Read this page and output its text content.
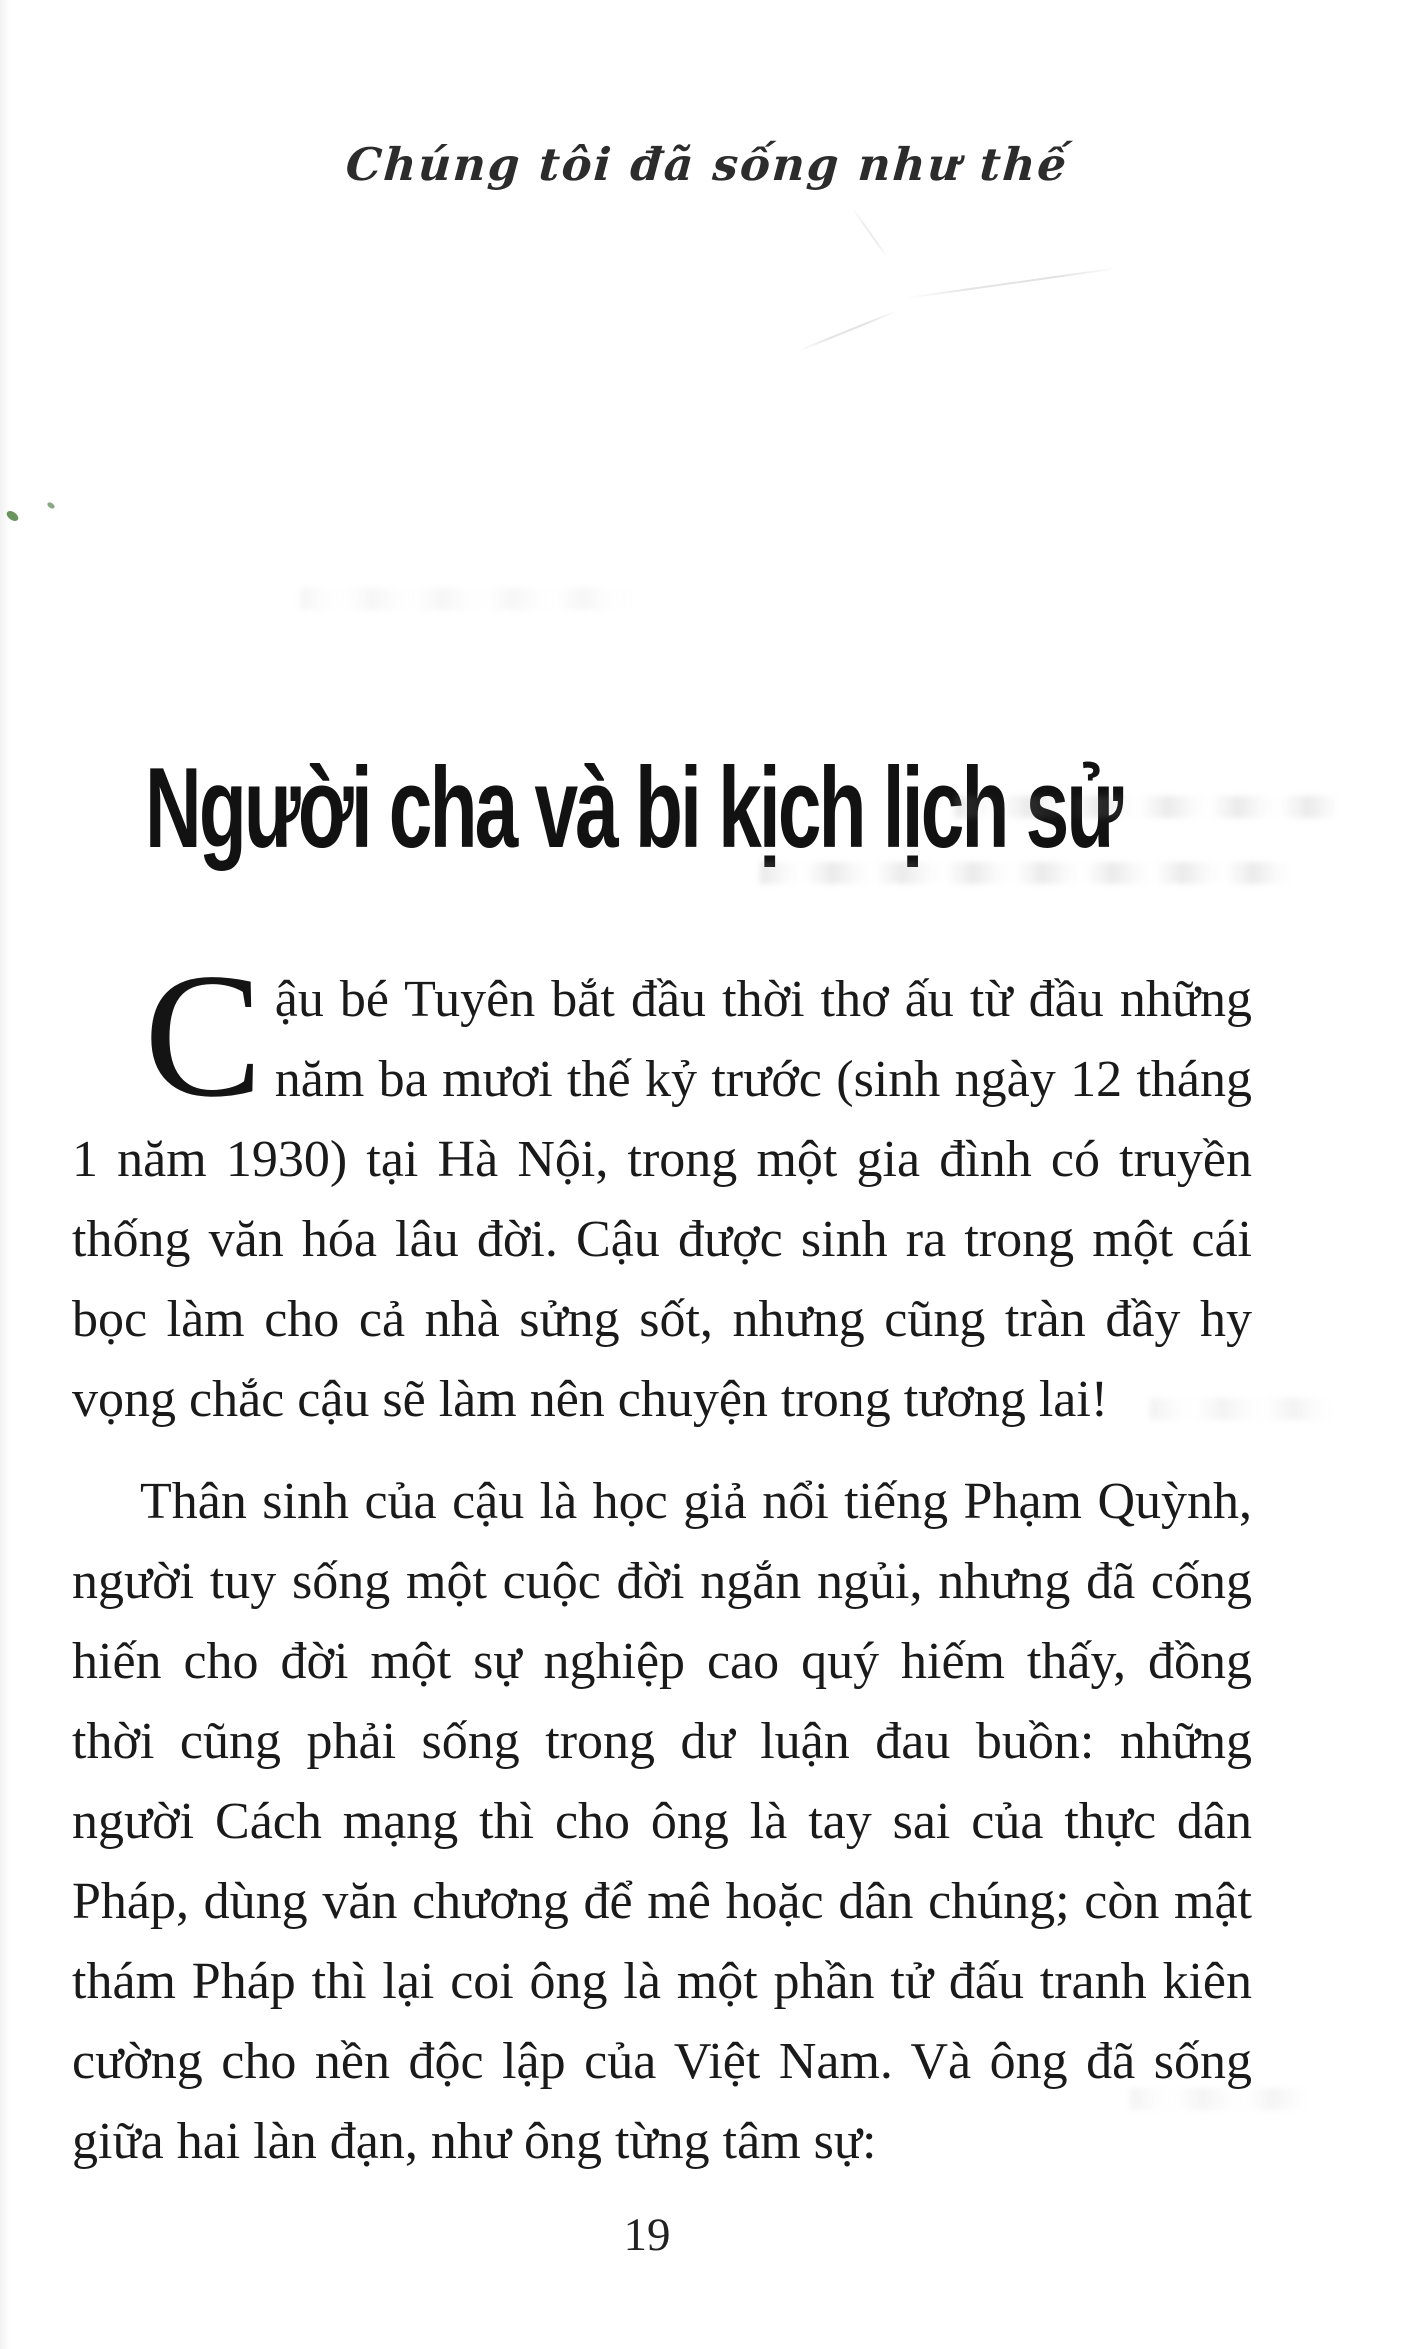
Chúng tôi đã sống như thế
Người cha và bi kịch lịch sử

Cậu bé Tuyên bắt đầu thời thơ ấu từ đầu những năm ba mươi thế kỷ trước (sinh ngày 12 tháng 1 năm 1930) tại Hà Nội, trong một gia đình có truyền thống văn hóa lâu đời. Cậu được sinh ra trong một cái bọc làm cho cả nhà sửng sốt, nhưng cũng tràn đầy hy vọng chắc cậu sẽ làm nên chuyện trong tương lai!

Thân sinh của cậu là học giả nổi tiếng Phạm Quỳnh, người tuy sống một cuộc đời ngắn ngủi, nhưng đã cống hiến cho đời một sự nghiệp cao quý hiếm thấy, đồng thời cũng phải sống trong dư luận đau buồn: những người Cách mạng thì cho ông là tay sai của thực dân Pháp, dùng văn chương để mê hoặc dân chúng; còn mật thám Pháp thì lại coi ông là một phần tử đấu tranh kiên cường cho nền độc lập của Việt Nam. Và ông đã sống giữa hai làn đạn, như ông từng tâm sự:

19
